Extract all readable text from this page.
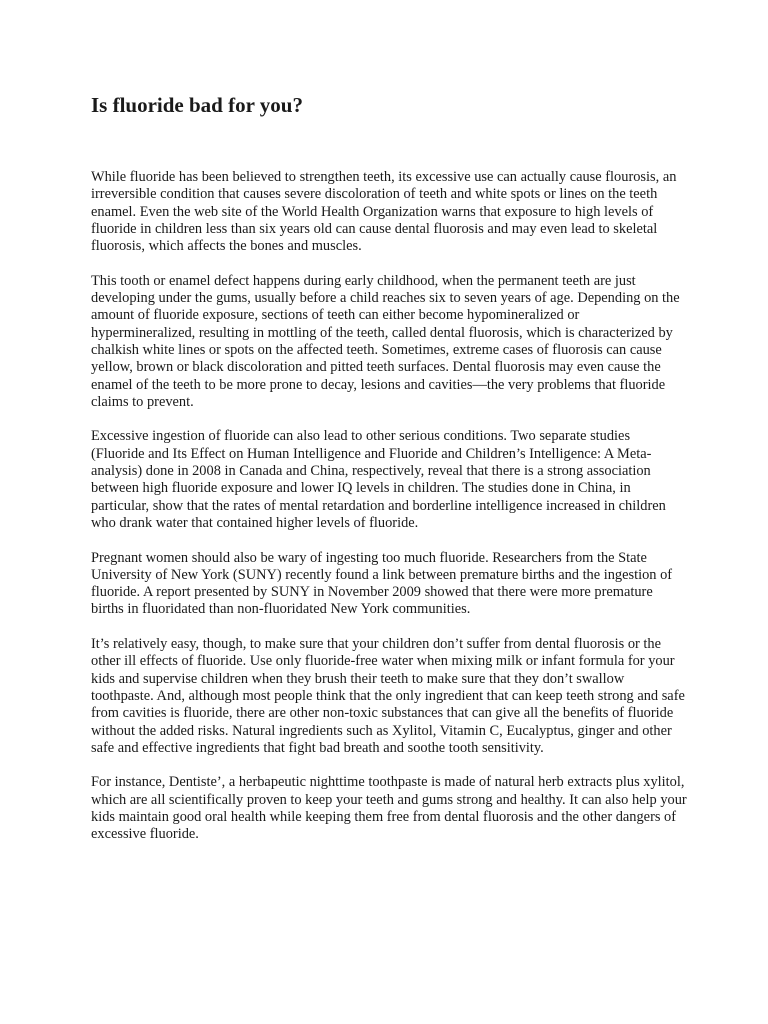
Is fluoride bad for you?

While fluoride has been believed to strengthen teeth, its excessive use can actually cause flourosis, an irreversible condition that causes severe discoloration of teeth and white spots or lines on the teeth enamel. Even the web site of the World Health Organization warns that exposure to high levels of fluoride in children less than six years old can cause dental fluorosis and may even lead to skeletal fluorosis, which affects the bones and muscles.

This tooth or enamel defect happens during early childhood, when the permanent teeth are just developing under the gums, usually before a child reaches six to seven years of age. Depending on the amount of fluoride exposure, sections of teeth can either become hypomineralized or hypermineralized, resulting in mottling of the teeth, called dental fluorosis, which is characterized by chalkish white lines or spots on the affected teeth. Sometimes, extreme cases of fluorosis can cause yellow, brown or black discoloration and pitted teeth surfaces. Dental fluorosis may even cause the enamel of the teeth to be more prone to decay, lesions and cavities—the very problems that fluoride claims to prevent.

Excessive ingestion of fluoride can also lead to other serious conditions. Two separate studies (Fluoride and Its Effect on Human Intelligence and Fluoride and Children’s Intelligence: A Meta-analysis) done in 2008 in Canada and China, respectively, reveal that there is a strong association between high fluoride exposure and lower IQ levels in children. The studies done in China, in particular, show that the rates of mental retardation and borderline intelligence increased in children who drank water that contained higher levels of fluoride.

Pregnant women should also be wary of ingesting too much fluoride. Researchers from the State University of New York (SUNY) recently found a link between premature births and the ingestion of fluoride. A report presented by SUNY in November 2009 showed that there were more premature births in fluoridated than non-fluoridated New York communities.

It’s relatively easy, though, to make sure that your children don’t suffer from dental fluorosis or the other ill effects of fluoride. Use only fluoride-free water when mixing milk or infant formula for your kids and supervise children when they brush their teeth to make sure that they don’t swallow toothpaste. And, although most people think that the only ingredient that can keep teeth strong and safe from cavities is fluoride, there are other non-toxic substances that can give all the benefits of fluoride without the added risks. Natural ingredients such as Xylitol, Vitamin C, Eucalyptus, ginger and other safe and effective ingredients that fight bad breath and soothe tooth sensitivity.

For instance, Dentiste’, a herbapeutic nighttime toothpaste is made of natural herb extracts plus xylitol, which are all scientifically proven to keep your teeth and gums strong and healthy. It can also help your kids maintain good oral health while keeping them free from dental fluorosis and the other dangers of excessive fluoride.
